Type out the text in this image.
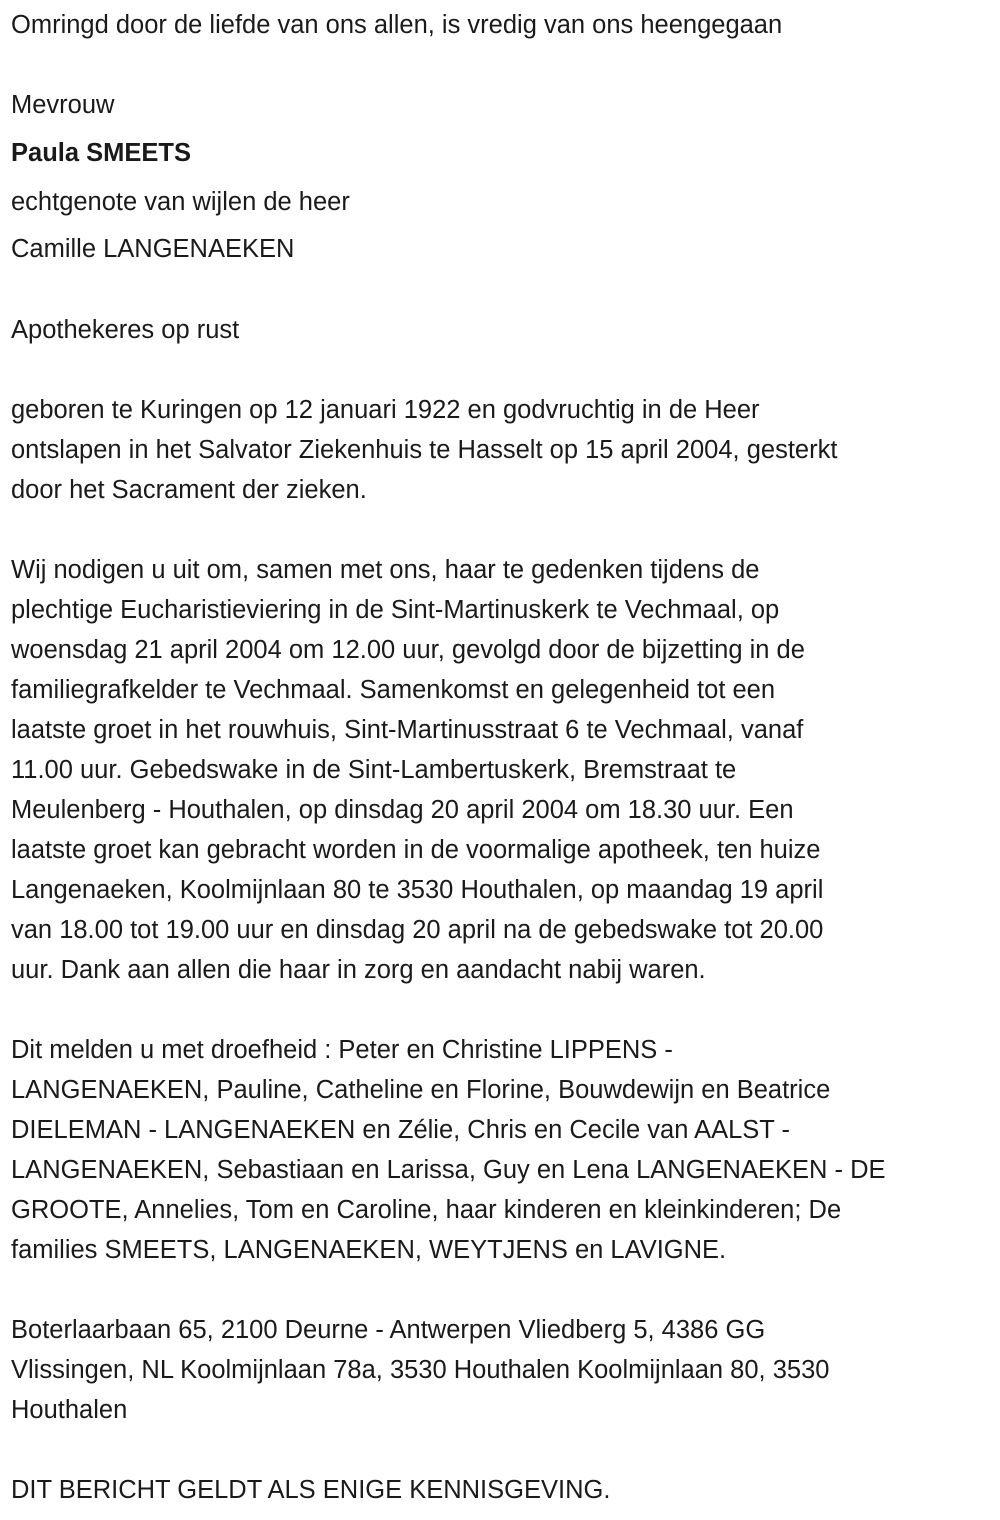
Omringd door de liefde van ons allen, is vredig van ons heengegaan
Mevrouw
Paula SMEETS
echtgenote van wijlen de heer
Camille LANGENAEKEN
Apothekeres op rust
geboren te Kuringen op 12 januari 1922 en godvruchtig in de Heer
ontslapen in het Salvator Ziekenhuis te Hasselt op 15 april 2004, gesterkt
door het Sacrament der zieken.
Wij nodigen u uit om, samen met ons, haar te gedenken tijdens de
plechtige Eucharistieviering in de Sint-Martinuskerk te Vechmaal, op
woensdag 21 april 2004 om 12.00 uur, gevolgd door de bijzetting in de
familiegrafkelder te Vechmaal. Samenkomst en gelegenheid tot een
laatste groet in het rouwhuis, Sint-Martinusstraat 6 te Vechmaal, vanaf
11.00 uur. Gebedswake in de Sint-Lambertuskerk, Bremstraat te
Meulenberg - Houthalen, op dinsdag 20 april 2004 om 18.30 uur. Een
laatste groet kan gebracht worden in de voormalige apotheek, ten huize
Langenaeken, Koolmijnlaan 80 te 3530 Houthalen, op maandag 19 april
van 18.00 tot 19.00 uur en dinsdag 20 april na de gebedswake tot 20.00
uur. Dank aan allen die haar in zorg en aandacht nabij waren.
Dit melden u met droefheid : Peter en Christine LIPPENS -
LANGENAEKEN, Pauline, Catheline en Florine, Bouwdewijn en Beatrice
DIELEMAN - LANGENAEKEN en Zélie, Chris en Cecile van AALST -
LANGENAEKEN, Sebastiaan en Larissa, Guy en Lena LANGENAEKEN - DE
GROOTE, Annelies, Tom en Caroline, haar kinderen en kleinkinderen; De
families SMEETS, LANGENAEKEN, WEYTJENS en LAVIGNE.
Boterlaarbaan 65, 2100 Deurne - Antwerpen Vliedberg 5, 4386 GG
Vlissingen, NL Koolmijnlaan 78a, 3530 Houthalen Koolmijnlaan 80, 3530
Houthalen
DIT BERICHT GELDT ALS ENIGE KENNISGEVING.
